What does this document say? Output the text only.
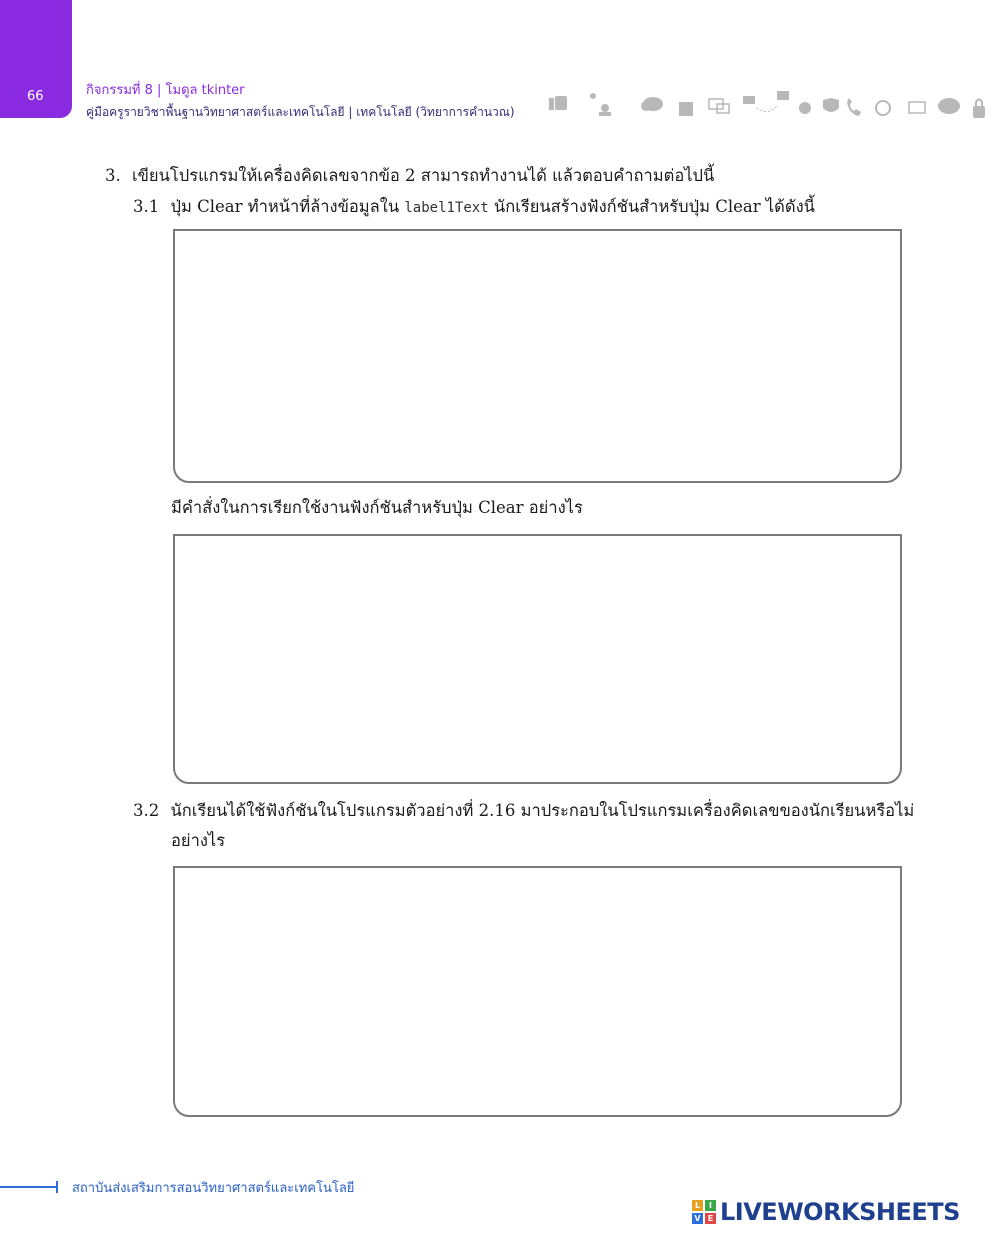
66	กิจกรรมที่ 8 | โมดูล tkinter
คู่มือครูรายวิชาพื้นฐานวิทยาศาสตร์และเทคโนโลยี | เทคโนโลยี (วิทยาการคำนวณ)
3. เขียนโปรแกรมให้เครื่องคิดเลขจากข้อ 2 สามารถทำงานได้ แล้วตอบคำถามต่อไปนี้
3.1 ปุ่ม Clear ทำหน้าที่ล้างข้อมูลใน label1Text นักเรียนสร้างฟังก์ชันสำหรับปุ่ม Clear ได้ดังนี้
มีคำสั่งในการเรียกใช้งานฟังก์ชันสำหรับปุ่ม Clear อย่างไร
3.2 นักเรียนได้ใช้ฟังก์ชันในโปรแกรมตัวอย่างที่ 2.16 มาประกอบในโปรแกรมเครื่องคิดเลขของนักเรียนหรือไม่
อย่างไร
สถาบันส่งเสริมการสอนวิทยาศาสตร์และเทคโนโลยี
L	I
V E LIVEWORKSHEETS
